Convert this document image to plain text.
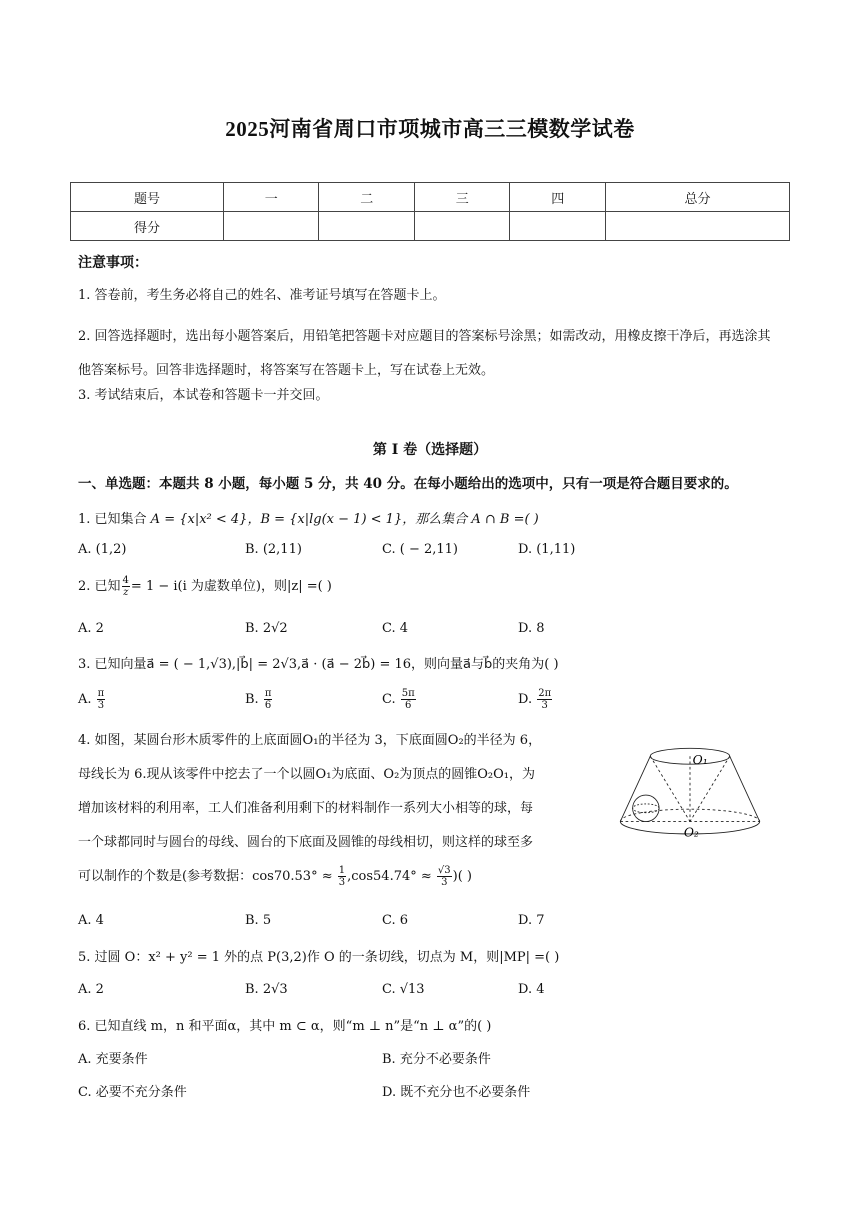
2025河南省周口市项城市高三三模数学试卷
题号	一	二	三	四	总分
得分					
注意事项：
1. 答卷前，考生务必将自己的姓名、准考证号填写在答题卡上。
2. 回答选择题时，选出每小题答案后，用铅笔把答题卡对应题目的答案标号涂黑；如需改动，用橡皮擦干净后，再选涂其他答案标号。回答非选择题时，将答案写在答题卡上，写在试卷上无效。
3. 考试结束后，本试卷和答题卡一并交回。
第 I 卷（选择题）
一、单选题：本题共 8 小题，每小题 5 分，共 40 分。在每小题给出的选项中，只有一项是符合题目要求的。
1. 已知集合 A = {x|x² < 4}，B = {x|lg(x − 1) < 1}，那么集合 A ∩ B =( )
A. (1,2)	B. (2,11)	C. ( − 2,11)	D. (1,11)
2. 已知 $\frac{4}{z} = 1 - i(i$ 为虚数单位)，则|z| =( )
A. 2	B. 2√2	C. 4	D. 8
3. 已知向量a⃗ = ( − 1,√3),|b⃗| = 2√3,a⃗ · (a⃗ − 2b⃗) = 16，则向量a⃗与b⃗的夹角为( )
A. $\frac{\pi}{3}$	B. $\frac{\pi}{6}$	C. $\frac{5\pi}{6}$	D. $\frac{2\pi}{3}$
4. 如图，某圆台形木质零件的上底面圆O₁的半径为 3，下底面圆O₂的半径为 6，
母线长为 6.现从该零件中挖去了一个以圆O₁为底面、O₂为顶点的圆锥O₂O₁，为
增加该材料的利用率，工人们准备利用剩下的材料制作一系列大小相等的球，每
一个球都同时与圆台的母线、圆台的下底面及圆锥的母线相切，则这样的球至多
可以制作的个数是(参考数据：$\cos 70.53^\circ \approx \frac{1}{3} ,\cos 54.74^\circ \approx \frac{√3}{3}$ )( )
O₁
O₂
A. 4	B. 5	C. 6	D. 7
5. 过圆 O：x² + y² = 1 外的点 P(3,2)作 O 的一条切线，切点为 M，则|MP| =( )
A. 2	B. 2√3	C. √13	D. 4
6. 已知直线 m，n 和平面α，其中 m ⊂ α，则“m ⊥ n”是“n ⊥ α”的( )
A. 充要条件	B. 充分不必要条件
C. 必要不充分条件	D. 既不充分也不必要条件
